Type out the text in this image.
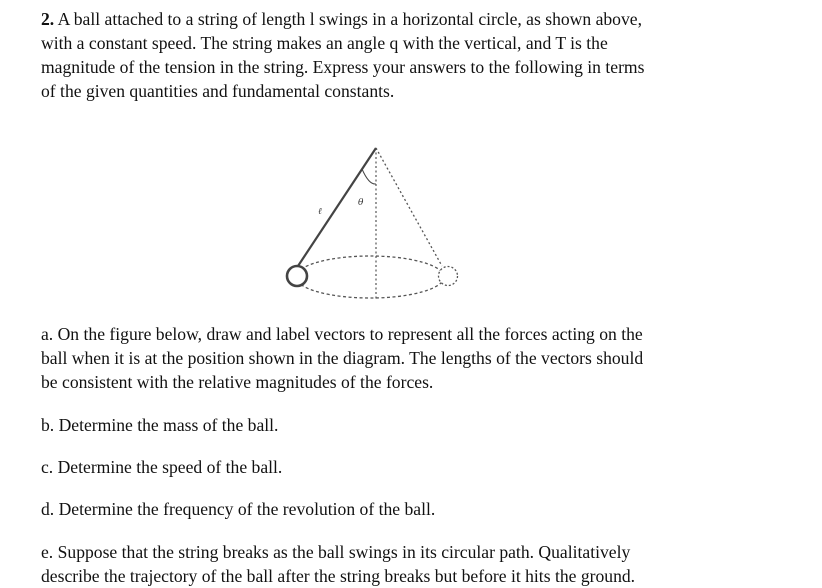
2. A ball attached to a string of length l swings in a horizontal circle, as shown above,
with a constant speed. The string makes an angle q with the vertical, and T is the
magnitude of the tension in the string. Express your answers to the following in terms
of the given quantities and fundamental constants.
θ
ℓ
a. On the figure below, draw and label vectors to represent all the forces acting on the
ball when it is at the position shown in the diagram. The lengths of the vectors should
be consistent with the relative magnitudes of the forces.
b. Determine the mass of the ball.
c. Determine the speed of the ball.
d. Determine the frequency of the revolution of the ball.
e. Suppose that the string breaks as the ball swings in its circular path. Qualitatively
describe the trajectory of the ball after the string breaks but before it hits the ground.
